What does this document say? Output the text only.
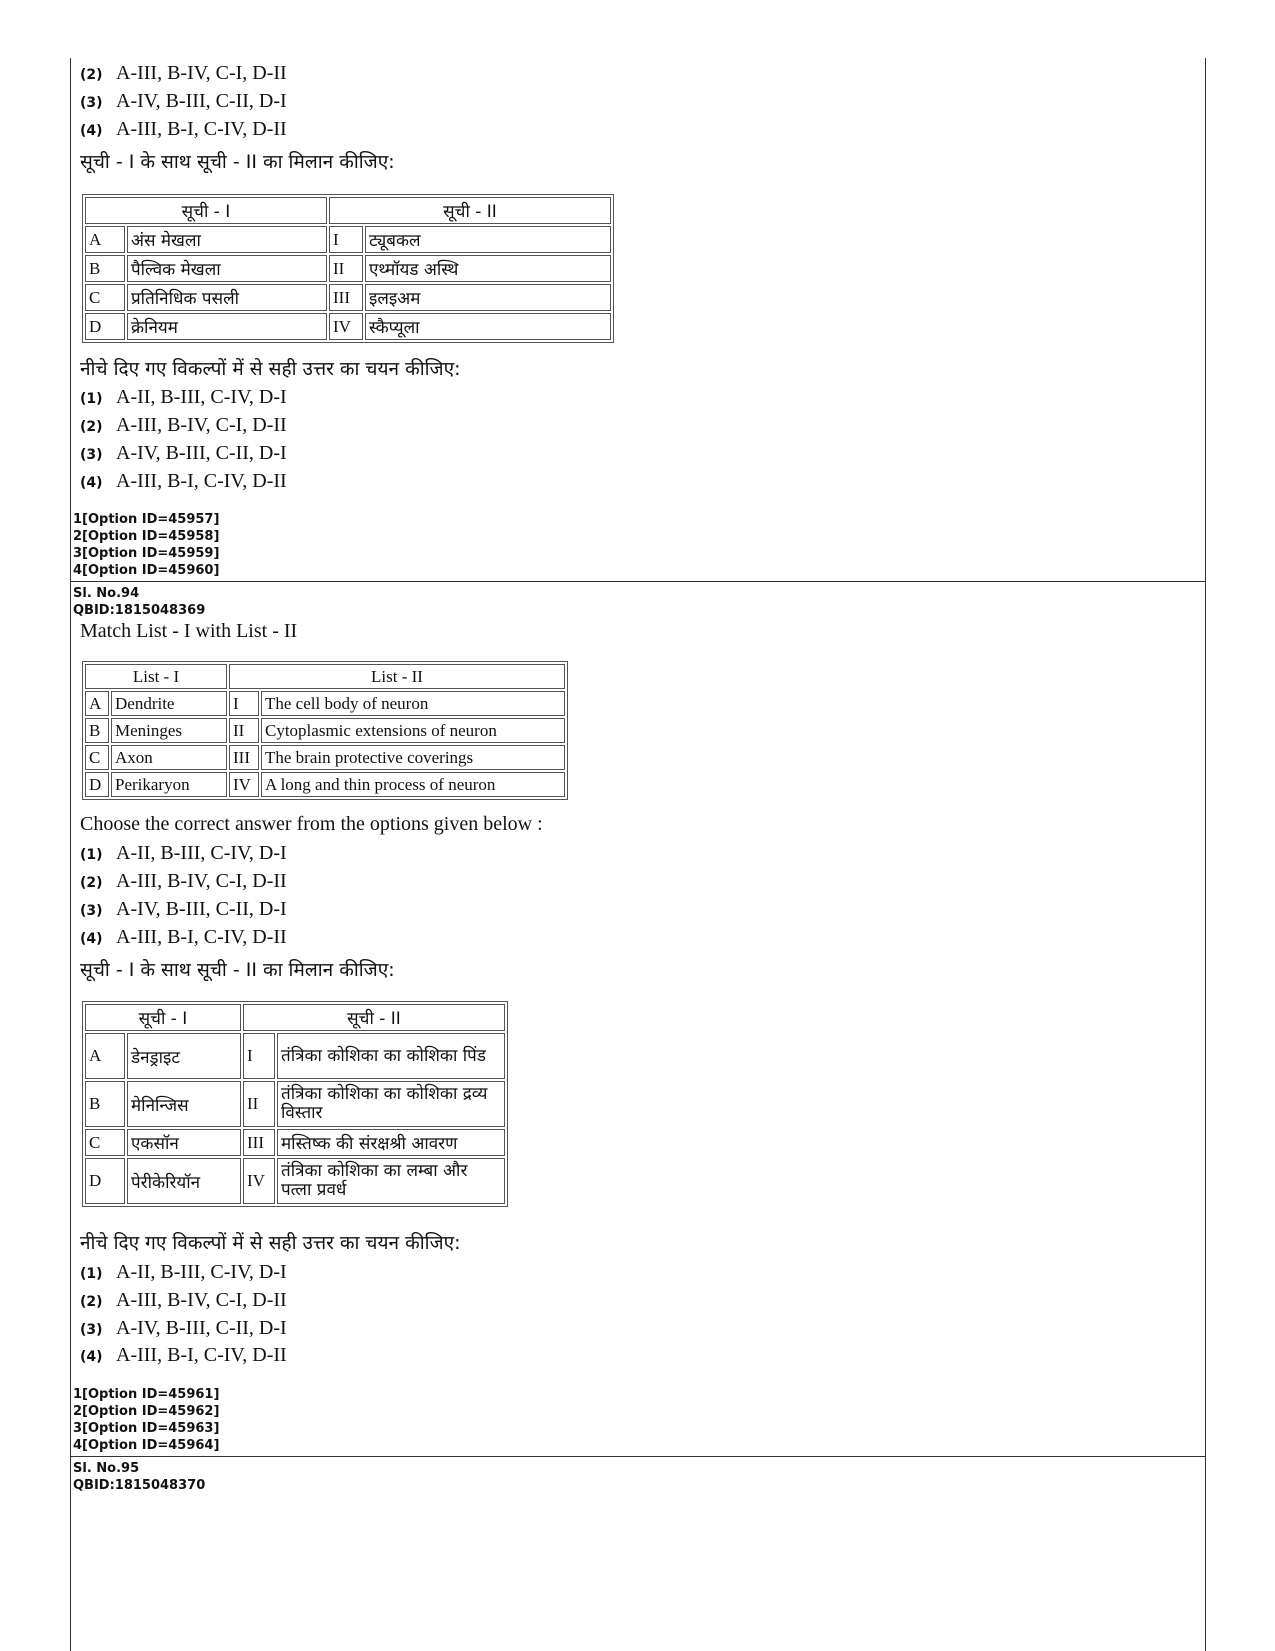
(2) A-III, B-IV, C-I, D-II
(3) A-IV, B-III, C-II, D-I
(4) A-III, B-I, C-IV, D-II
सूची - I के साथ सूची - II का मिलान कीजिए:
सूची - I		सूची - II	
A	अंस मेखला	I	ट्यूबकल
B	पैल्विक मेखला	II	एथ्मॉयड अस्थि
C	प्रतिनिधिक पसली	III	इलइअम
D	क्रेनियम	IV	स्कैप्यूला
नीचे दिए गए विकल्पों में से सही उत्तर का चयन कीजिए:
(1) A-II, B-III, C-IV, D-I
(2) A-III, B-IV, C-I, D-II
(3) A-IV, B-III, C-II, D-I
(4) A-III, B-I, C-IV, D-II
1[Option ID=45957]
2[Option ID=45958]
3[Option ID=45959]
4[Option ID=45960]
Sl. No.94
QBID:1815048369
Match List - I with List - II
List - I		List - II	
A	Dendrite	I	The cell body of neuron
B	Meninges	II	Cytoplasmic extensions of neuron
C	Axon	III	The brain protective coverings
D	Perikaryon	IV	A long and thin process of neuron
Choose the correct answer from the options given below :
(1) A-II, B-III, C-IV, D-I
(2) A-III, B-IV, C-I, D-II
(3) A-IV, B-III, C-II, D-I
(4) A-III, B-I, C-IV, D-II
सूची - I के साथ सूची - II का मिलान कीजिए:
सूची - I		सूची - II	
A	डेनड्राइट	I	तंत्रिका कोशिका का कोशिका पिंड
B	मेनिन्जिस	II	तंत्रिका कोशिका का कोशिका द्रव्य विस्तार
C	एकसॉन	III	मस्तिष्क की संरक्षश्री आवरण
D	पेरीकेरियॉन	IV	तंत्रिका कोशिका का लम्बा और पत्ला प्रवर्ध
नीचे दिए गए विकल्पों में से सही उत्तर का चयन कीजिए:
(1) A-II, B-III, C-IV, D-I
(2) A-III, B-IV, C-I, D-II
(3) A-IV, B-III, C-II, D-I
(4) A-III, B-I, C-IV, D-II
1[Option ID=45961]
2[Option ID=45962]
3[Option ID=45963]
4[Option ID=45964]
Sl. No.95
QBID:1815048370
